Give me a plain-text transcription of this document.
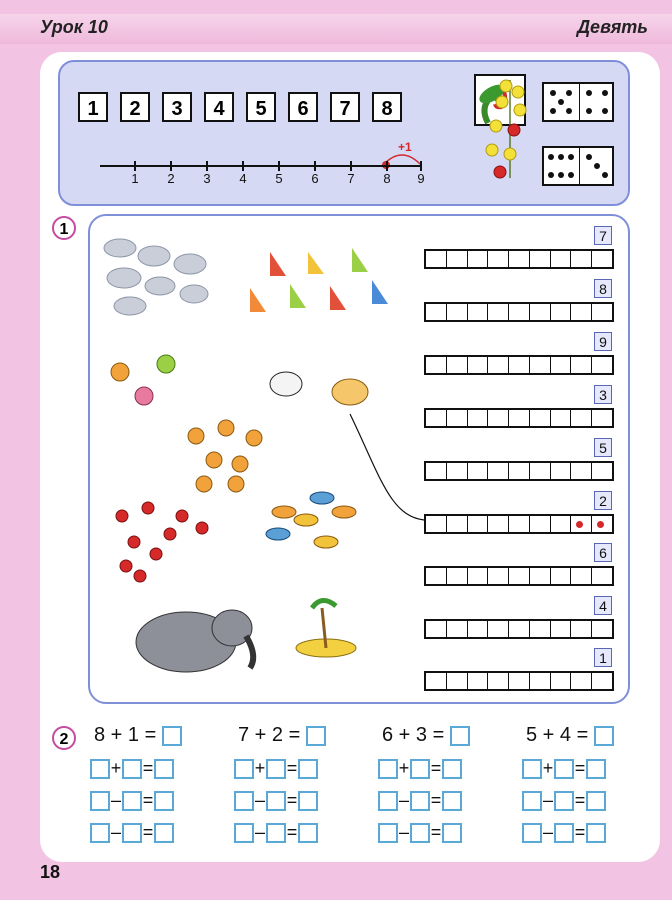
Урок 10	Девять
1	2	3	4	5	6	7	8
+1
1	2	3	4	5	6	7	8	9
1	7
8
9
3
5
2
6
4
1
2	8 + 1 =	7 + 2 =	6 + 3 =	5 + 4 =
+ =	+ =	+ =	+ =
– =	– =	– =	– =
– =	– =	– =	– =
18
